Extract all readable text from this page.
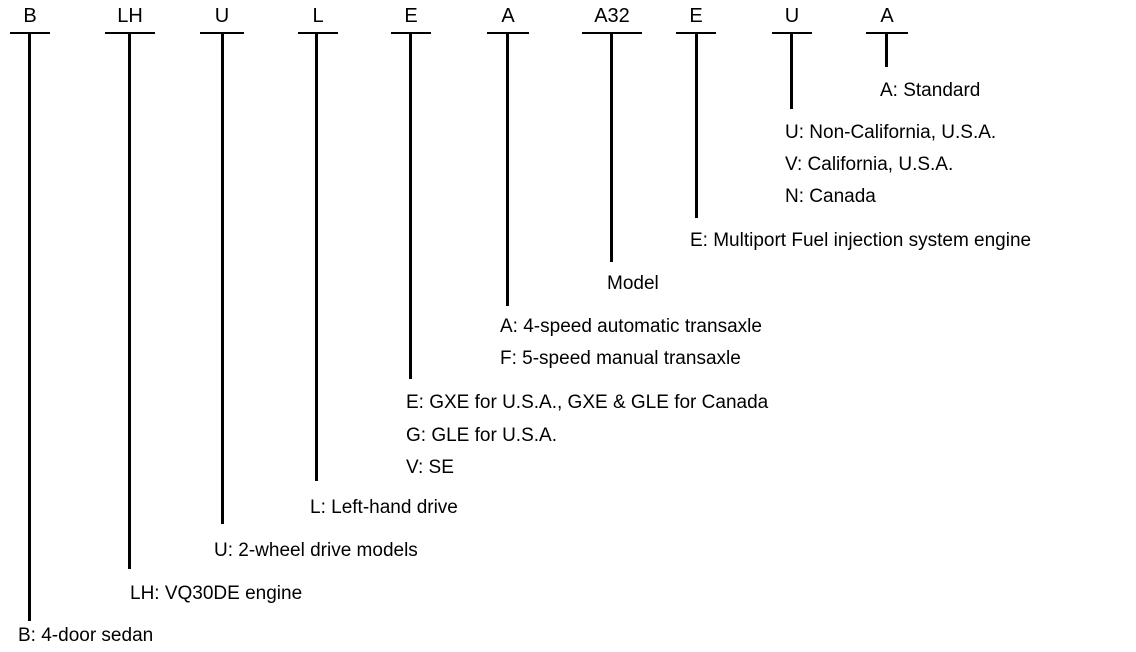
B
B: 4-door sedan
LH
LH: VQ30DE engine
U
U: 2-wheel drive models
L
L: Left-hand drive
E
E: GXE for U.S.A., GXE & GLE for Canada
G: GLE for U.S.A.
V: SE
A
A: 4-speed automatic transaxle
F: 5-speed manual transaxle
A32
Model
E
E: Multiport Fuel injection system engine
U
U: Non-California, U.S.A.
V: California, U.S.A.
N: Canada
A
A: Standard
